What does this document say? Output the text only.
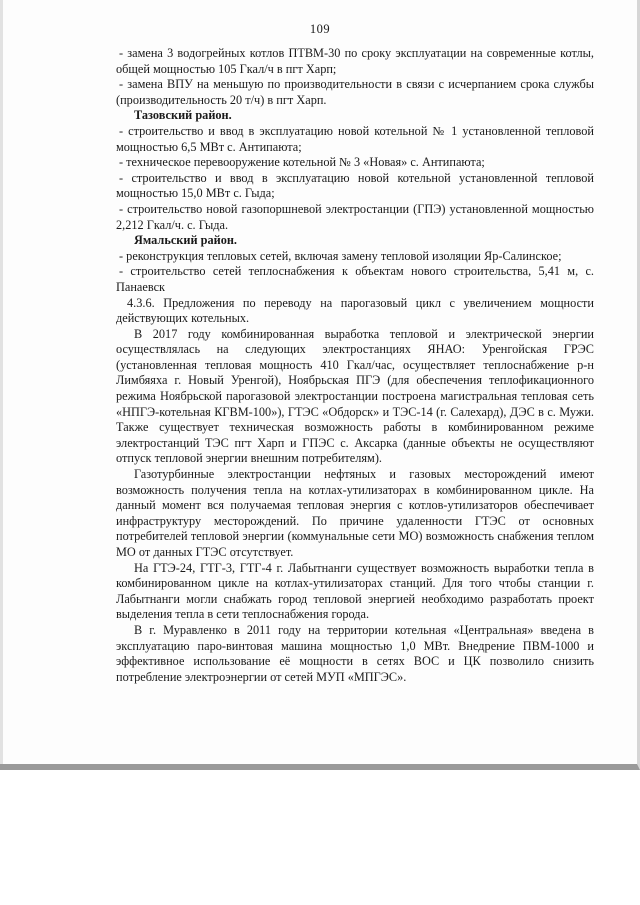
109

- замена 3 водогрейных котлов ПТВМ-30 по сроку эксплуатации на современные котлы, общей мощностью 105 Гкал/ч в пгт Харп;

- замена ВПУ на меньшую по производительности в связи с исчерпанием срока службы (производительность 20 т/ч) в пгт Харп.

Тазовский район.

- строительство и ввод в эксплуатацию новой котельной № 1 установленной тепловой мощностью 6,5 МВт с. Антипаюта;

- техническое перевооружение котельной № 3 «Новая» с. Антипаюта;

- строительство и ввод в эксплуатацию новой котельной установленной тепловой мощностью 15,0 МВт с. Гыда;

- строительство новой газопоршневой электростанции (ГПЭ) установленной мощностью 2,212 Гкал/ч. с. Гыда.

Ямальский район.

- реконструкция тепловых сетей, включая замену тепловой изоляции Яр-Салинское;

- строительство сетей теплоснабжения к объектам нового строительства, 5,41 м, с. Панаевск

4.3.6. Предложения по переводу на парогазовый цикл с увеличением мощности действующих котельных.

В 2017 году комбинированная выработка тепловой и электрической энергии осуществлялась на следующих электростанциях ЯНАО: Уренгойская ГРЭС (установленная тепловая мощность 410 Гкал/час, осуществляет теплоснабжение р-н Лимбяяха г. Новый Уренгой), Ноябрьская ПГЭ (для обеспечения теплофикационного режима Ноябрьской парогазовой электростанции построена магистральная тепловая сеть «НПГЭ-котельная КГВМ-100»), ГТЭС «Обдорск» и ТЭС-14 (г. Салехард), ДЭС в с. Мужи. Также существует техническая возможность работы в комбинированном режиме электростанций ТЭС пгт Харп и ГПЭС с. Аксарка (данные объекты не осуществляют отпуск тепловой энергии внешним потребителям).

Газотурбинные электростанции нефтяных и газовых месторождений имеют возможность получения тепла на котлах-утилизаторах в комбинированном цикле. На данный момент вся получаемая тепловая энергия с котлов-утилизаторов обеспечивает инфраструктуру месторождений. По причине удаленности ГТЭС от основных потребителей тепловой энергии (коммунальные сети МО) возможность снабжения теплом МО от данных ГТЭС отсутствует.

На ГТЭ-24, ГТГ-3, ГТГ-4 г. Лабытнанги существует возможность выработки тепла в комбинированном цикле на котлах-утилизаторах станций. Для того чтобы станции г. Лабытнанги могли снабжать город тепловой энергией необходимо разработать проект выделения тепла в сети теплоснабжения города.

В г. Муравленко в 2011 году на территории котельная «Центральная» введена в эксплуатацию паро-винтовая машина мощностью 1,0 МВт. Внедрение ПВМ-1000 и эффективное использование её мощности в сетях ВОС и ЦК позволило снизить потребление электроэнергии от сетей МУП «МПГЭС».
